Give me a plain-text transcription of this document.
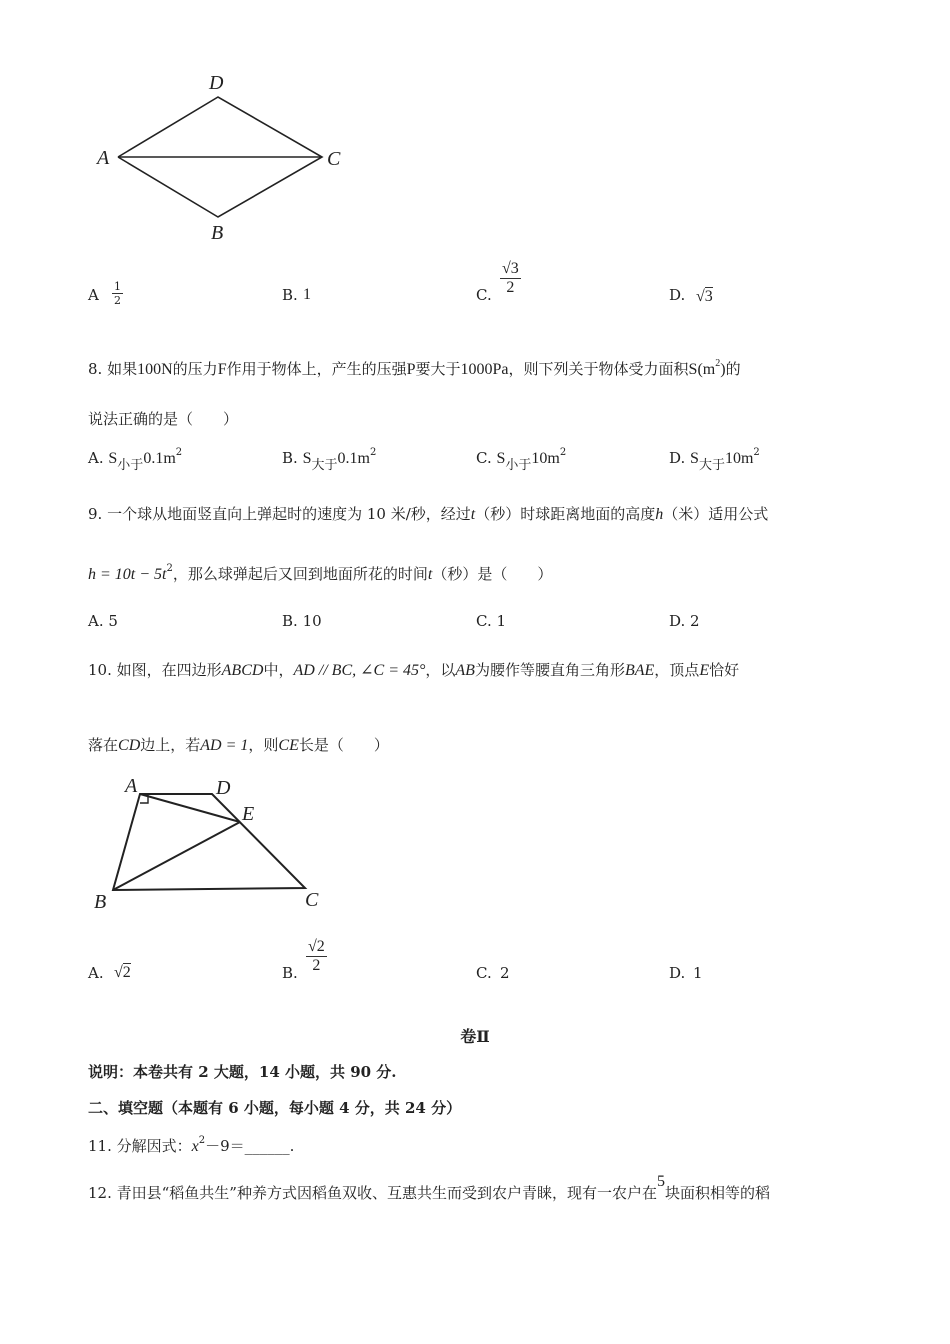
D
A	C
B
A $\frac{1}{2}$	B. 1	C. $\frac{√3}{2}$	D. √3
8. 如果100N的压力F作用于物体上，产生的压强P要大于1000Pa，则下列关于物体受力面积$S(m^2)$的
说法正确的是（　　）
A. S小于$0.1m^2$	B. S大于$0.1m^2$	C. S小于$10m^2$	D. S大于$10m^2$
9. 一个球从地面竖直向上弹起时的速度为 10 米/秒，经过t（秒）时球距离地面的高度h（米）适用公式
$h = 10t - 5t^2$，那么球弹起后又回到地面所花的时间t（秒）是（　　）
A. 5	B. 10	C. 1	D. 2
10. 如图，在四边形ABCD中，AD // BC, ∠C = 45°，以AB为腰作等腰直角三角形BAE，顶点E恰好
落在CD边上，若AD = 1，则CE长是（　　）
A	D
E
B	C
A. √2	B. $\frac{√2}{2}$	C. 2	D. 1
卷Ⅱ
说明：本卷共有 2 大题，14 小题，共 90 分.
二、填空题（本题有 6 小题，每小题 4 分，共 24 分）
11. 分解因式：$x^2-9=\_\_\_\_\_\_$.
12. 青田县“稻鱼共生”种养方式因稻鱼双收、互惠共生而受到农户青睐，现有一农户在5块面积相等的稻
